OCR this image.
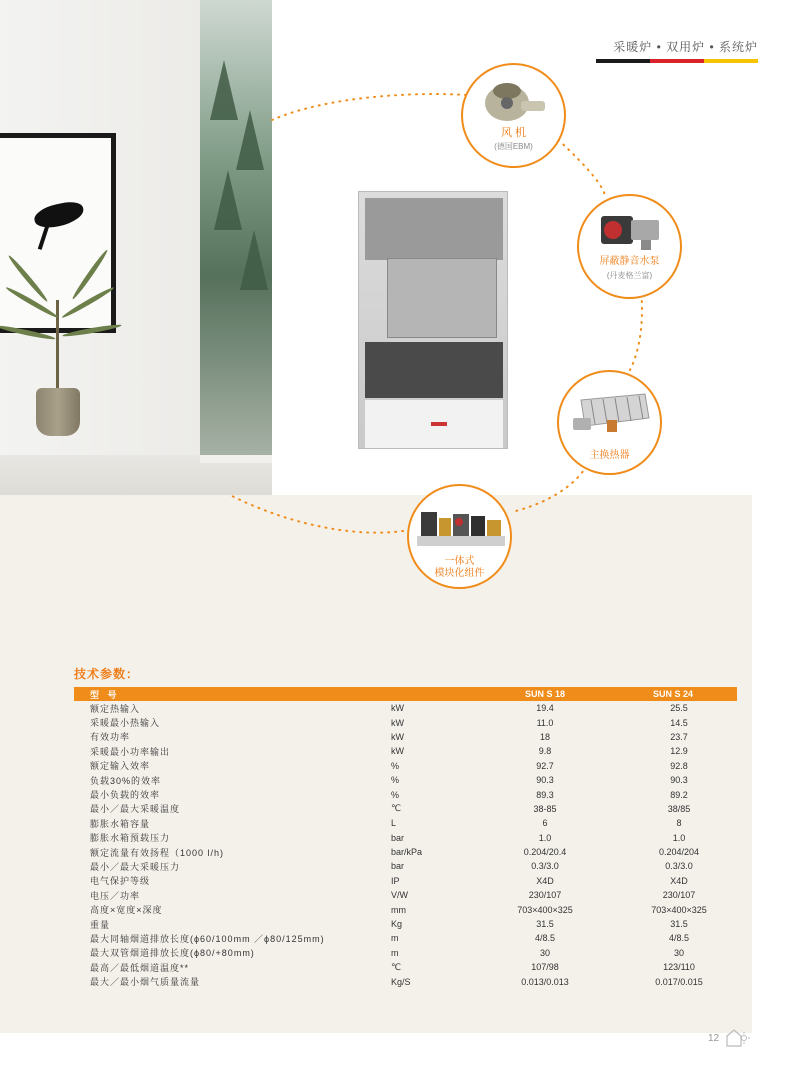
采暖炉 • 双用炉 • 系统炉
风 机
(德国EBM)
屏蔽静音水泵
(丹麦格兰富)
主换热器
一体式
模块化组件
技术参数：
型 号		SUN S 18	SUN S 24
额定热输入	kW	19.4	25.5
采暖最小热输入	kW	11.0	14.5
有效功率	kW	18	23.7
采暖最小功率输出	kW	9.8	12.9
额定输入效率	%	92.7	92.8
负载30%的效率	%	90.3	90.3
最小负载的效率	%	89.3	89.2
最小／最大采暖温度	℃	38-85	38/85
膨胀水箱容量	L	6	8
膨胀水箱预载压力	bar	1.0	1.0
额定流量有效扬程（1000 l/h)	bar/kPa	0.204/20.4	0.204/204
最小／最大采暖压力	bar	0.3/3.0	0.3/3.0
电气保护等级	IP	X4D	X4D
电压／功率	V/W	230/107	230/107
高度×宽度×深度	mm	703×400×325	703×400×325
重量	Kg	31.5	31.5
最大同轴烟道排放长度(ϕ60/100mm ／ϕ80/125mm)	m	4/8.5	4/8.5
最大双管烟道排放长度(ϕ80/+80mm)	m	30	30
最高／最低烟道温度**	℃	107/98	123/110
最大／最小烟气质量流量	Kg/S	0.013/0.013	0.017/0.015
12
